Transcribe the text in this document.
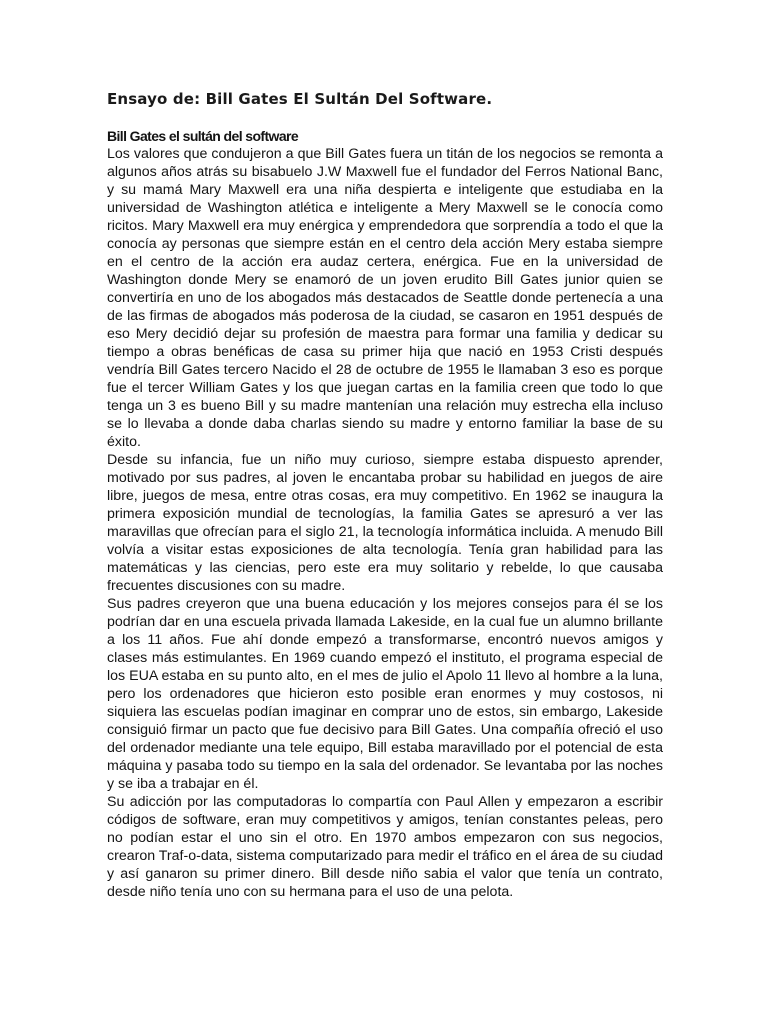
Ensayo de: Bill Gates El Sultán Del Software.
Bill Gates el sultán del software

Los valores que condujeron a que Bill Gates fuera un titán de los negocios se remonta a algunos años atrás su bisabuelo J.W Maxwell fue el fundador del Ferros National Banc, y su mamá Mary Maxwell era una niña despierta e inteligente que estudiaba en la universidad de Washington atlética e inteligente a Mery Maxwell se le conocía como ricitos. Mary Maxwell era muy enérgica y emprendedora que sorprendía a todo el que la conocía ay personas que siempre están en el centro dela acción Mery estaba siempre en el centro de la acción era audaz certera, enérgica. Fue en la universidad de Washington donde Mery se enamoró de un joven erudito Bill Gates junior quien se convertiría en uno de los abogados más destacados de Seattle donde pertenecía a una de las firmas de abogados más poderosa de la ciudad, se casaron en 1951 después de eso Mery decidió dejar su profesión de maestra para formar una familia y dedicar su tiempo a obras benéficas de casa su primer hija que nació en 1953 Cristi después vendría Bill Gates tercero Nacido el 28 de octubre de 1955 le llamaban 3 eso es porque fue el tercer William Gates y los que juegan cartas en la familia creen que todo lo que tenga un 3 es bueno Bill y su madre mantenían una relación muy estrecha ella incluso se lo llevaba a donde daba charlas siendo su madre y entorno familiar la base de su éxito.

Desde su infancia, fue un niño muy curioso, siempre estaba dispuesto aprender, motivado por sus padres, al joven le encantaba probar su habilidad en juegos de aire libre, juegos de mesa, entre otras cosas, era muy competitivo. En 1962 se inaugura la primera exposición mundial de tecnologías, la familia Gates se apresuró a ver las maravillas que ofrecían para el siglo 21, la tecnología informática incluida. A menudo Bill volvía a visitar estas exposiciones de alta tecnología. Tenía gran habilidad para las matemáticas y las ciencias, pero este era muy solitario y rebelde, lo que causaba frecuentes discusiones con su madre.

Sus padres creyeron que una buena educación y los mejores consejos para él se los podrían dar en una escuela privada llamada Lakeside, en la cual fue un alumno brillante a los 11 años. Fue ahí donde empezó a transformarse, encontró nuevos amigos y clases más estimulantes. En 1969 cuando empezó el instituto, el programa especial de los EUA estaba en su punto alto, en el mes de julio el Apolo 11 llevo al hombre a la luna, pero los ordenadores que hicieron esto posible eran enormes y muy costosos, ni siquiera las escuelas podían imaginar en comprar uno de estos, sin embargo, Lakeside consiguió firmar un pacto que fue decisivo para Bill Gates. Una compañía ofreció el uso del ordenador mediante una tele equipo, Bill estaba maravillado por el potencial de esta máquina y pasaba todo su tiempo en la sala del ordenador. Se levantaba por las noches y se iba a trabajar en él.

Su adicción por las computadoras lo compartía con Paul Allen y empezaron a escribir códigos de software, eran muy competitivos y amigos, tenían constantes peleas, pero no podían estar el uno sin el otro. En 1970 ambos empezaron con sus negocios, crearon Traf-o-data, sistema computarizado para medir el tráfico en el área de su ciudad y así ganaron su primer dinero. Bill desde niño sabia el valor que tenía un contrato, desde niño tenía uno con su hermana para el uso de una pelota.
